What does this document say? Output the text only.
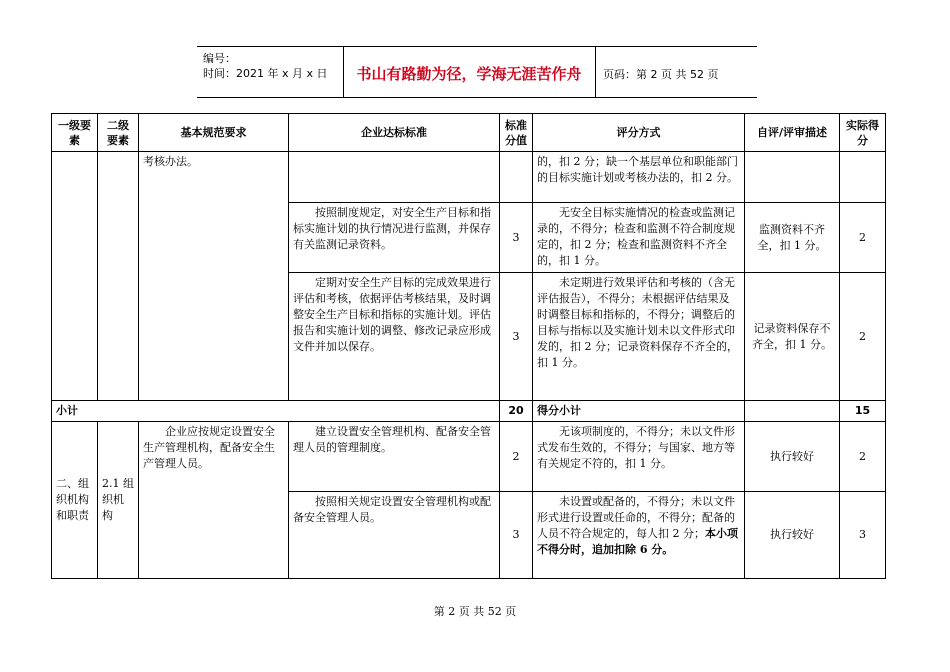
编号：
时间：2021 年 x 月 x 日	书山有路勤为径，学海无涯苦作舟	页码：第 2 页 共 52 页
一级要素	二级要素	基本规范要求	企业达标标准	标准分值	评分方式	自评/评审描述	实际得分
		考核办法。			的，扣 2 分；缺一个基层单位和职能部门的目标实施计划或考核办法的，扣 2 分。		
			按照制度规定，对安全生产目标和指标实施计划的执行情况进行监测，并保存有关监测记录资料。	3	无安全目标实施情况的检查或监测记录的，不得分；检查和监测不符合制度规定的，扣 2 分；检查和监测资料不齐全的，扣 1 分。	监测资料不齐全，扣 1 分。	2
			定期对安全生产目标的完成效果进行评估和考核，依据评估考核结果，及时调整安全生产目标和指标的实施计划。评估报告和实施计划的调整、修改记录应形成文件并加以保存。	3	未定期进行效果评估和考核的（含无评估报告），不得分；未根据评估结果及时调整目标和指标的，不得分；调整后的目标与指标以及实施计划未以文件形式印发的，扣 2 分；记录资料保存不齐全的，扣 1 分。	记录资料保存不齐全，扣 1 分。	2
小计				20	得分小计		15
二、组织机构和职责	2.1 组织机构	企业应按规定设置安全生产管理机构，配备安全生产管理人员。	建立设置安全管理机构、配备安全管理人员的管理制度。	2	无该项制度的，不得分；未以文件形式发布生效的，不得分；与国家、地方等有关规定不符的，扣 1 分。	执行较好	2
			按照相关规定设置安全管理机构或配备安全管理人员。	3	未设置或配备的，不得分；未以文件形式进行设置或任命的，不得分；配备的人员不符合规定的，每人扣 2 分；本小项不得分时，追加扣除 6 分。	执行较好	3
第 2 页 共 52 页
